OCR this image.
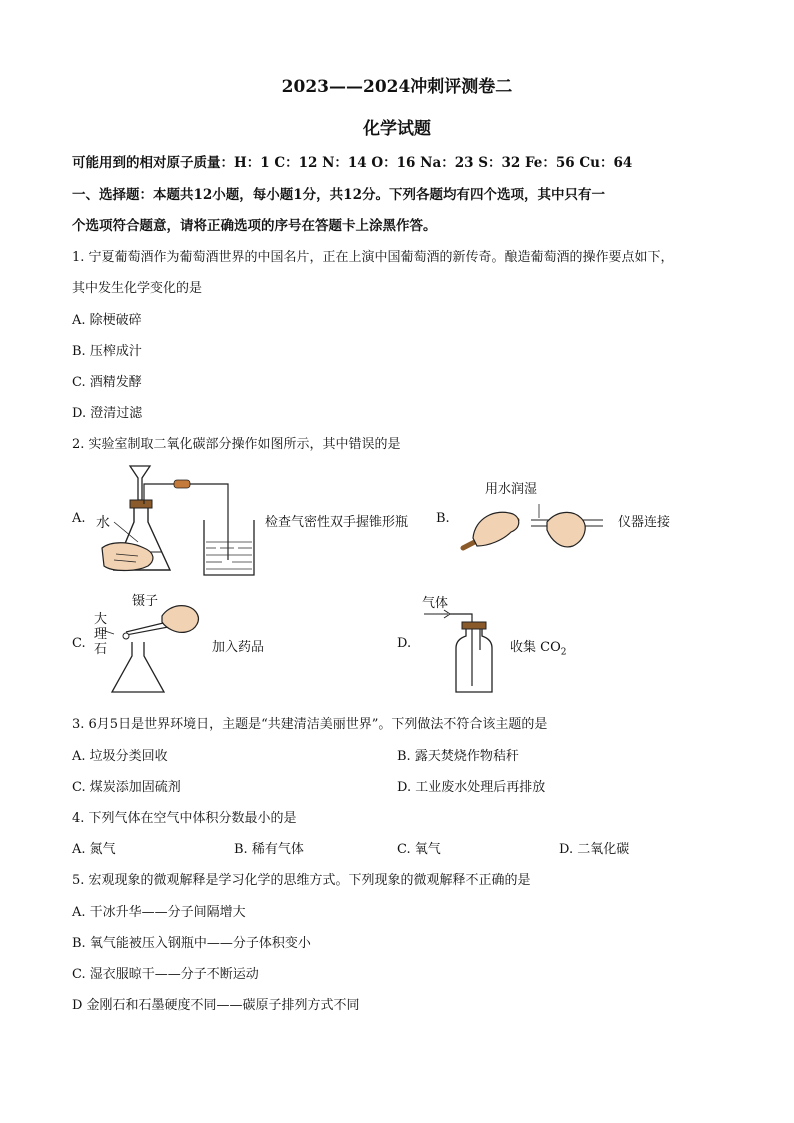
2023——2024冲刺评测卷二
化学试题
可能用到的相对原子质量：H：1 C：12 N：14 O：16 Na：23 S：32 Fe：56 Cu：64
一、选择题：本题共12小题，每小题1分，共12分。下列各题均有四个选项，其中只有一
个选项符合题意，请将正确选项的序号在答题卡上涂黑作答。
1. 宁夏葡萄酒作为葡萄酒世界的中国名片，正在上演中国葡萄酒的新传奇。酿造葡萄酒的操作要点如下，
其中发生化学变化的是
A. 除梗破碎
B. 压榨成汁
C. 酒精发酵
D. 澄清过滤
2. 实验室制取二氧化碳部分操作如图所示，其中错误的是
A. 水	检查气密性双手握锥形瓶 B.
用水润湿
仪器连接
C.
镊子
大
理
石	加入药品	D.
气体
收集 $CO_2$
3. 6月5日是世界环境日，主题是“共建清洁美丽世界”。下列做法不符合该主题的是
A. 垃圾分类回收	B. 露天焚烧作物秸秆
C. 煤炭添加固硫剂	D. 工业废水处理后再排放
4. 下列气体在空气中体积分数最小的是
A. 氮气	B. 稀有气体	C. 氧气	D. 二氧化碳
5. 宏观现象的微观解释是学习化学的思维方式。下列现象的微观解释不正确的是
A. 干冰升华——分子间隔增大
B. 氧气能被压入钢瓶中——分子体积变小
C. 湿衣服晾干——分子不断运动
D 金刚石和石墨硬度不同——碳原子排列方式不同
